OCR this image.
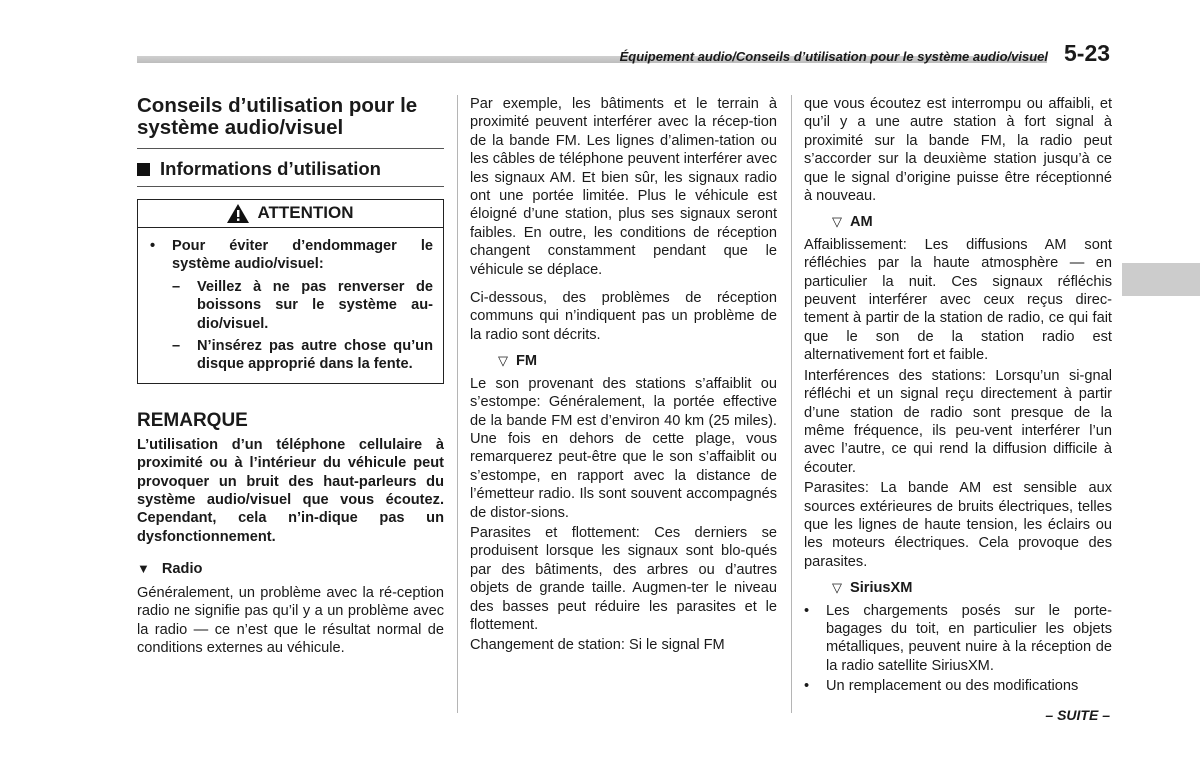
Équipement audio/Conseils d’utilisation pour le système audio/visuel 5-23
Conseils d’utilisation pour le système audio/visuel
Informations d’utilisation
ATTENTION
•	Pour éviter d’endommager le système audio/visuel:
–	Veillez à ne pas renverser de boissons sur le système au-dio/visuel.
–	N’insérez pas autre chose qu’un disque approprié dans la fente.
REMARQUE

L’utilisation d’un téléphone cellulaire à proximité ou à l’intérieur du véhicule peut provoquer un bruit des haut-parleurs du système audio/visuel que vous écoutez. Cependant, cela n’in-dique pas un dysfonctionnement.

▼ Radio

Généralement, un problème avec la ré-ception radio ne signifie pas qu’il y a un problème avec la radio — ce n’est que le résultat normal de conditions externes au véhicule.

Par exemple, les bâtiments et le terrain à proximité peuvent interférer avec la récep-tion de la bande FM. Les lignes d’alimen-tation ou les câbles de téléphone peuvent interférer avec les signaux AM. Et bien sûr, les signaux radio ont une portée limitée. Plus le véhicule est éloigné d’une station, plus ses signaux seront faibles. En outre, les conditions de réception changent constamment pendant que le véhicule se déplace.

Ci-dessous, des problèmes de réception communs qui n’indiquent pas un problème de la radio sont décrits.

▽ FM

Le son provenant des stations s’affaiblit ou s’estompe: Généralement, la portée effective de la bande FM est d’environ 40 km (25 miles). Une fois en dehors de cette plage, vous remarquerez peut-être que le son s’affaiblit ou s’estompe, en rapport avec la distance de l’émetteur radio. Ils sont souvent accompagnés de distor-sions.

Parasites et flottement: Ces derniers se produisent lorsque les signaux sont blo-qués par des bâtiments, des arbres ou d’autres objets de grande taille. Augmen-ter le niveau des basses peut réduire les parasites et le flottement.

Changement de station: Si le signal FM

que vous écoutez est interrompu ou affaibli, et qu’il y a une autre station à fort signal à proximité sur la bande FM, la radio peut s’accorder sur la deuxième station jusqu’à ce que le signal d’origine puisse être réceptionné à nouveau.

▽ AM

Affaiblissement: Les diffusions AM sont réfléchies par la haute atmosphère — en particulier la nuit. Ces signaux réfléchis peuvent interférer avec ceux reçus direc-tement à partir de la station de radio, ce qui fait que le son de la station radio est alternativement fort et faible.

Interférences des stations: Lorsqu’un si-gnal réfléchi et un signal reçu directement à partir d’une station de radio sont presque de la même fréquence, ils peu-vent interférer l’un avec l’autre, ce qui rend la diffusion difficile à écouter.

Parasites: La bande AM est sensible aux sources extérieures de bruits électriques, telles que les lignes de haute tension, les éclairs ou les moteurs électriques. Cela provoque des parasites.

▽ SiriusXM
•	Les chargements posés sur le porte-bagages du toit, en particulier les objets métalliques, peuvent nuire à la réception de la radio satellite SiriusXM.
•	Un remplacement ou des modifications
– SUITE –
